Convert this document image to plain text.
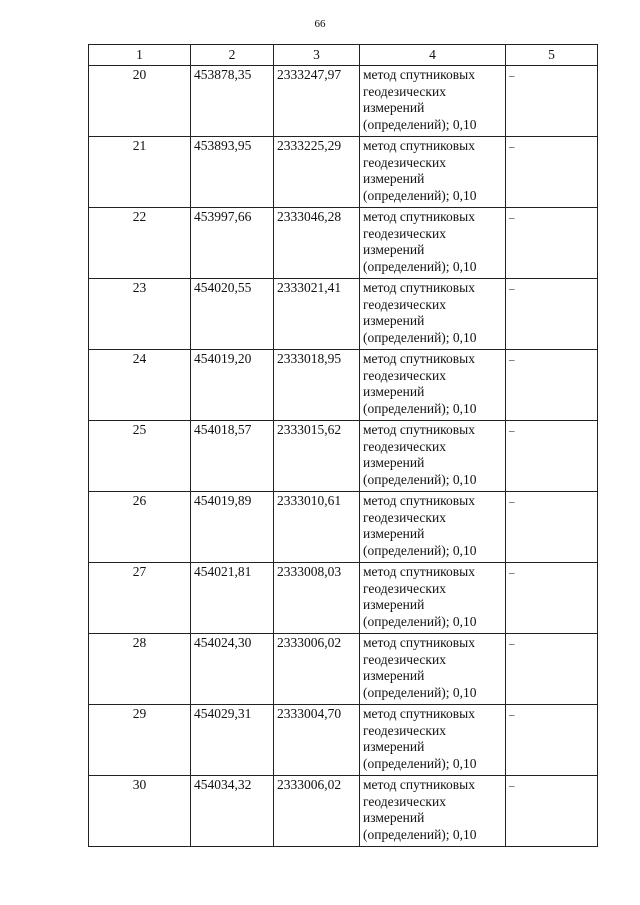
66
1	2	3	4	5
20	453878,35	2333247,97	метод спутниковых
геодезических
измерений
(определений); 0,10	–
21	453893,95	2333225,29	метод спутниковых
геодезических
измерений
(определений); 0,10	–
22	453997,66	2333046,28	метод спутниковых
геодезических
измерений
(определений); 0,10	–
23	454020,55	2333021,41	метод спутниковых
геодезических
измерений
(определений); 0,10	–
24	454019,20	2333018,95	метод спутниковых
геодезических
измерений
(определений); 0,10	–
25	454018,57	2333015,62	метод спутниковых
геодезических
измерений
(определений); 0,10	–
26	454019,89	2333010,61	метод спутниковых
геодезических
измерений
(определений); 0,10	–
27	454021,81	2333008,03	метод спутниковых
геодезических
измерений
(определений); 0,10	–
28	454024,30	2333006,02	метод спутниковых
геодезических
измерений
(определений); 0,10	–
29	454029,31	2333004,70	метод спутниковых
геодезических
измерений
(определений); 0,10	–
30	454034,32	2333006,02	метод спутниковых
геодезических
измерений
(определений); 0,10	–
